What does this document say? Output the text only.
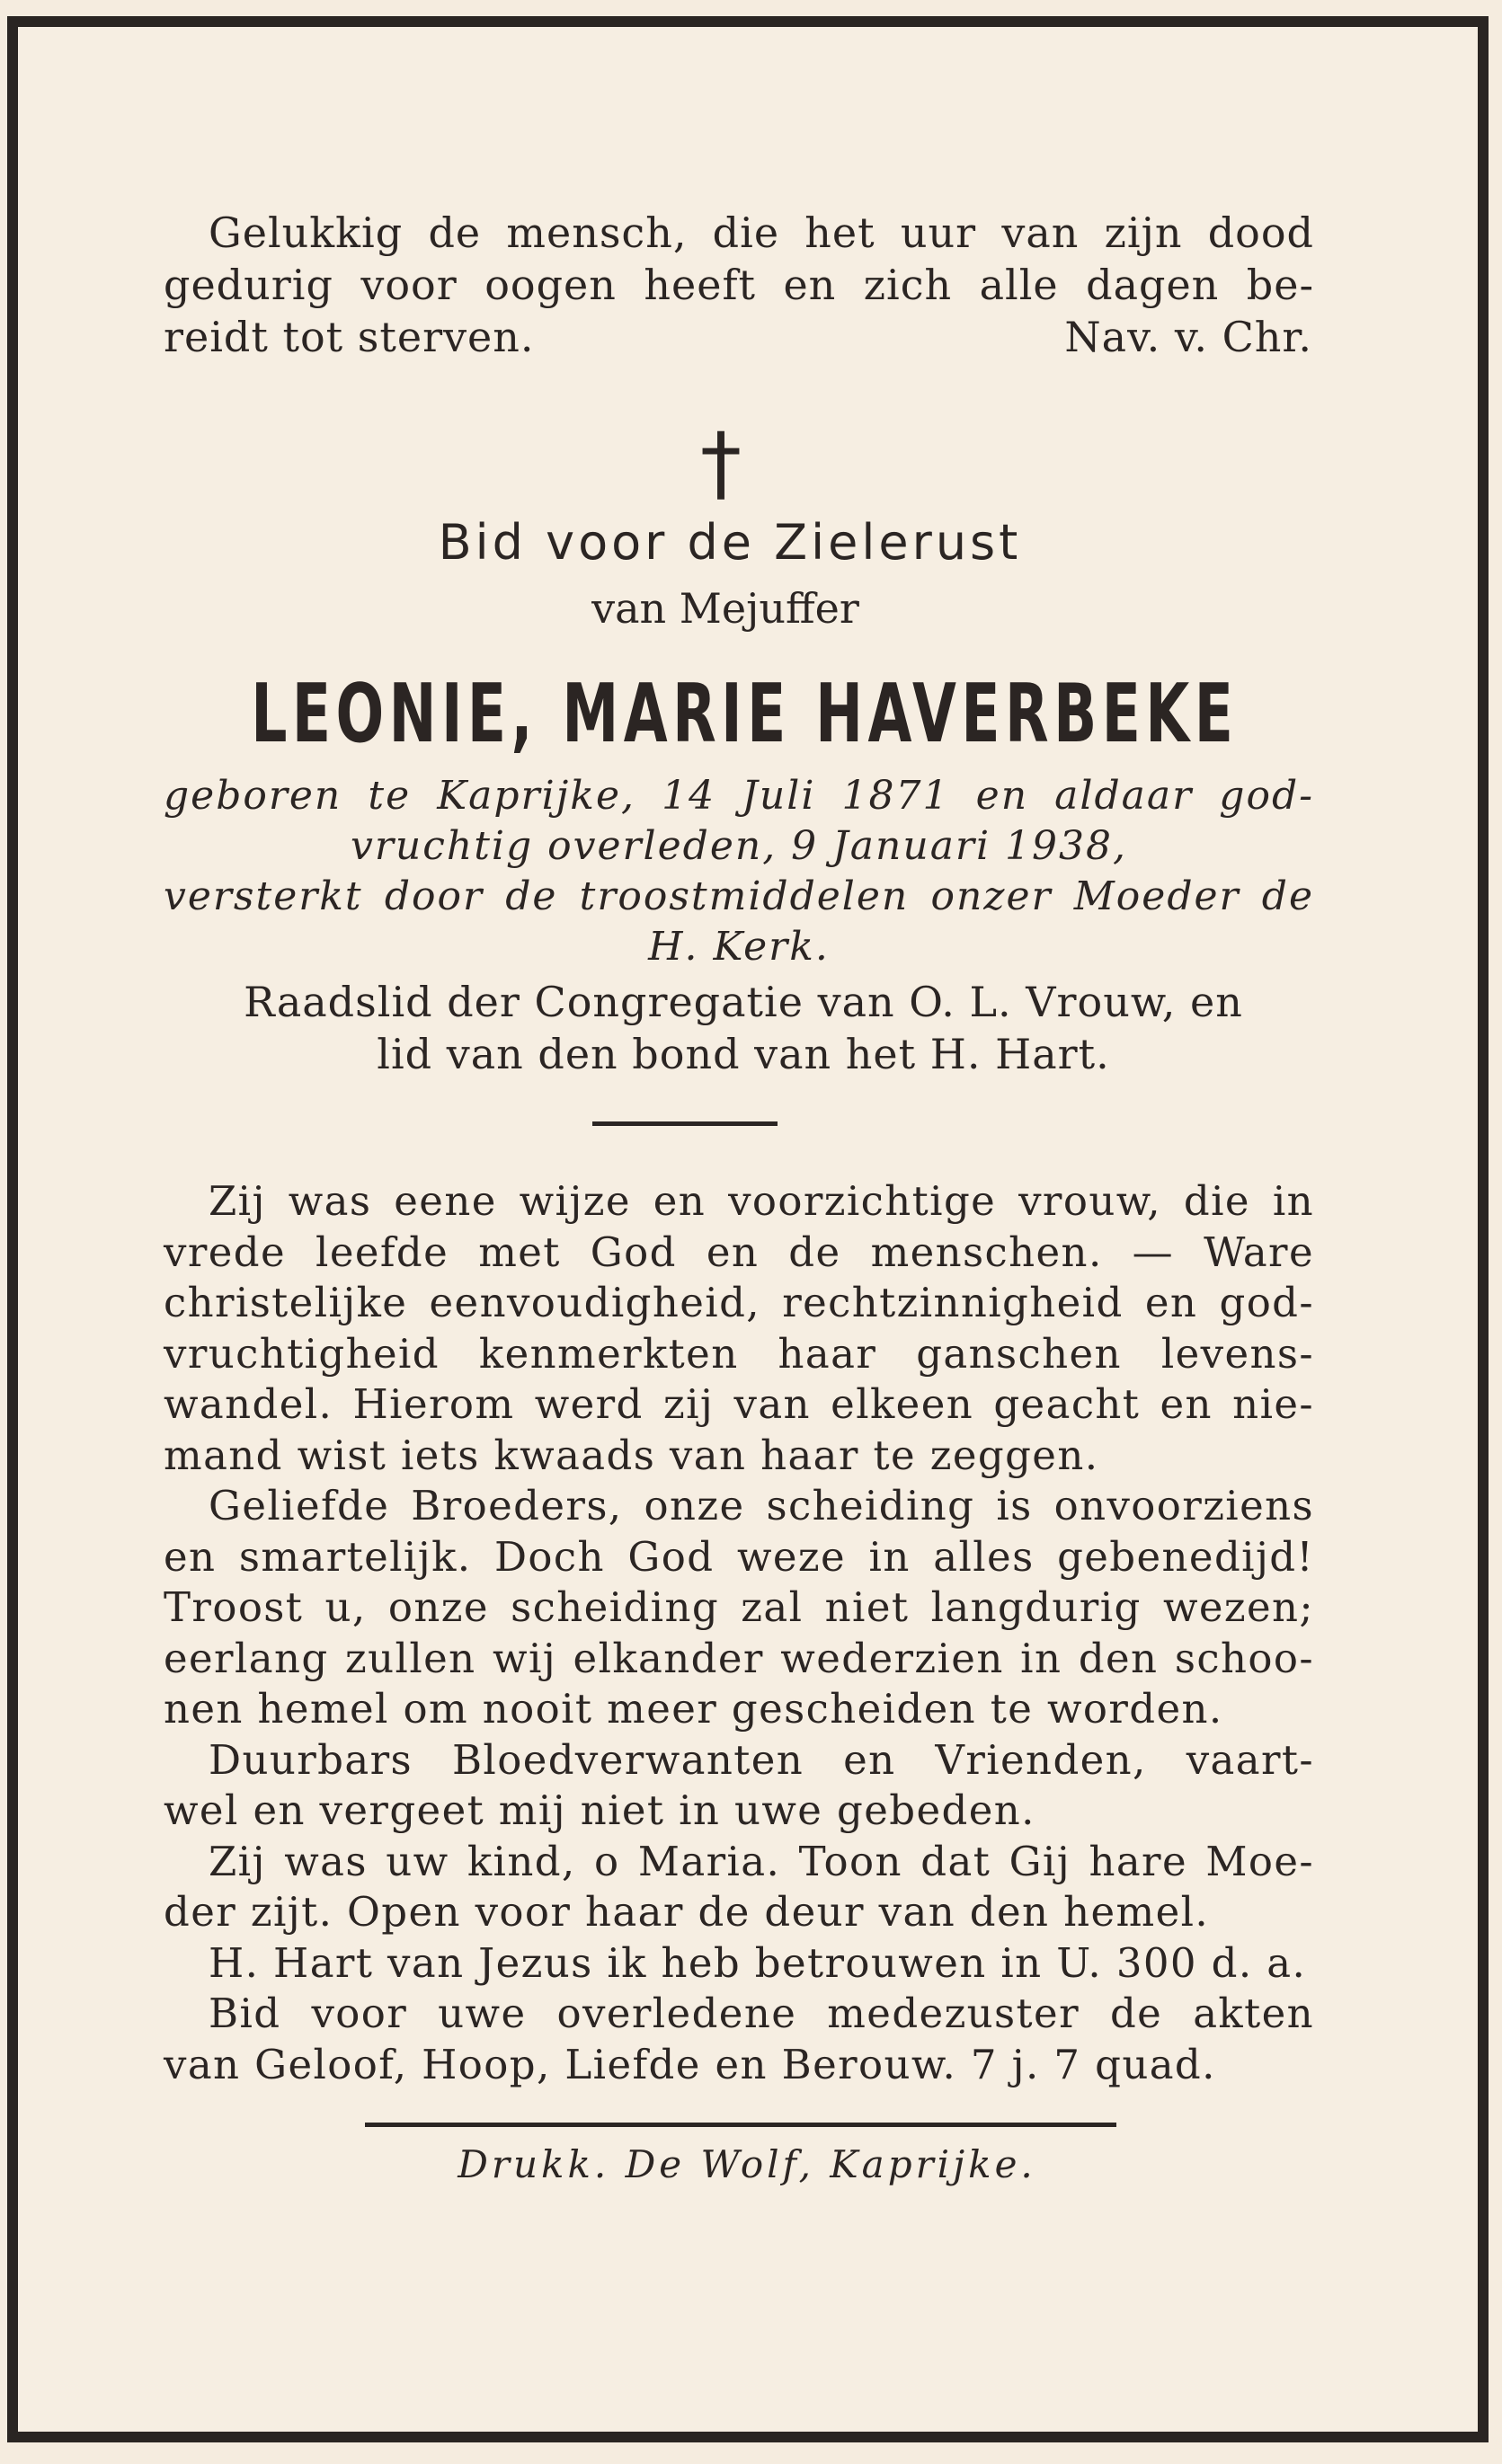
Gelukkig de mensch, die het uur van zijn dood
gedurig voor oogen heeft en zich alle dagen be-
reidt tot sterven.	Nav. v. Chr.
†
Bid voor de Zielerust
van Mejuffer
LEONIE, MARIE HAVERBEKE
geboren te Kaprijke, 14 Juli 1871 en aldaar god-
vruchtig overleden, 9 Januari 1938,
versterkt door de troostmiddelen onzer Moeder de
H. Kerk.
Raadslid der Congregatie van O. L. Vrouw, en
lid van den bond van het H. Hart.
Zij was eene wijze en voorzichtige vrouw, die in
vrede leefde met God en de menschen. — Ware
christelijke eenvoudigheid, rechtzinnigheid en god-
vruchtigheid kenmerkten haar ganschen levens-
wandel. Hierom werd zij van elkeen geacht en nie-
mand wist iets kwaads van haar te zeggen.
Geliefde Broeders, onze scheiding is onvoorziens
en smartelijk. Doch God weze in alles gebenedijd!
Troost u, onze scheiding zal niet langdurig wezen;
eerlang zullen wij elkander wederzien in den schoo-
nen hemel om nooit meer gescheiden te worden.
Duurbars Bloedverwanten en Vrienden, vaart-
wel en vergeet mij niet in uwe gebeden.
Zij was uw kind, o Maria. Toon dat Gij hare Moe-
der zijt. Open voor haar de deur van den hemel.
H. Hart van Jezus ik heb betrouwen in U. 300 d. a.
Bid voor uwe overledene medezuster de akten
van Geloof, Hoop, Liefde en Berouw. 7 j. 7 quad.
Drukk. De Wolf, Kaprijke.
